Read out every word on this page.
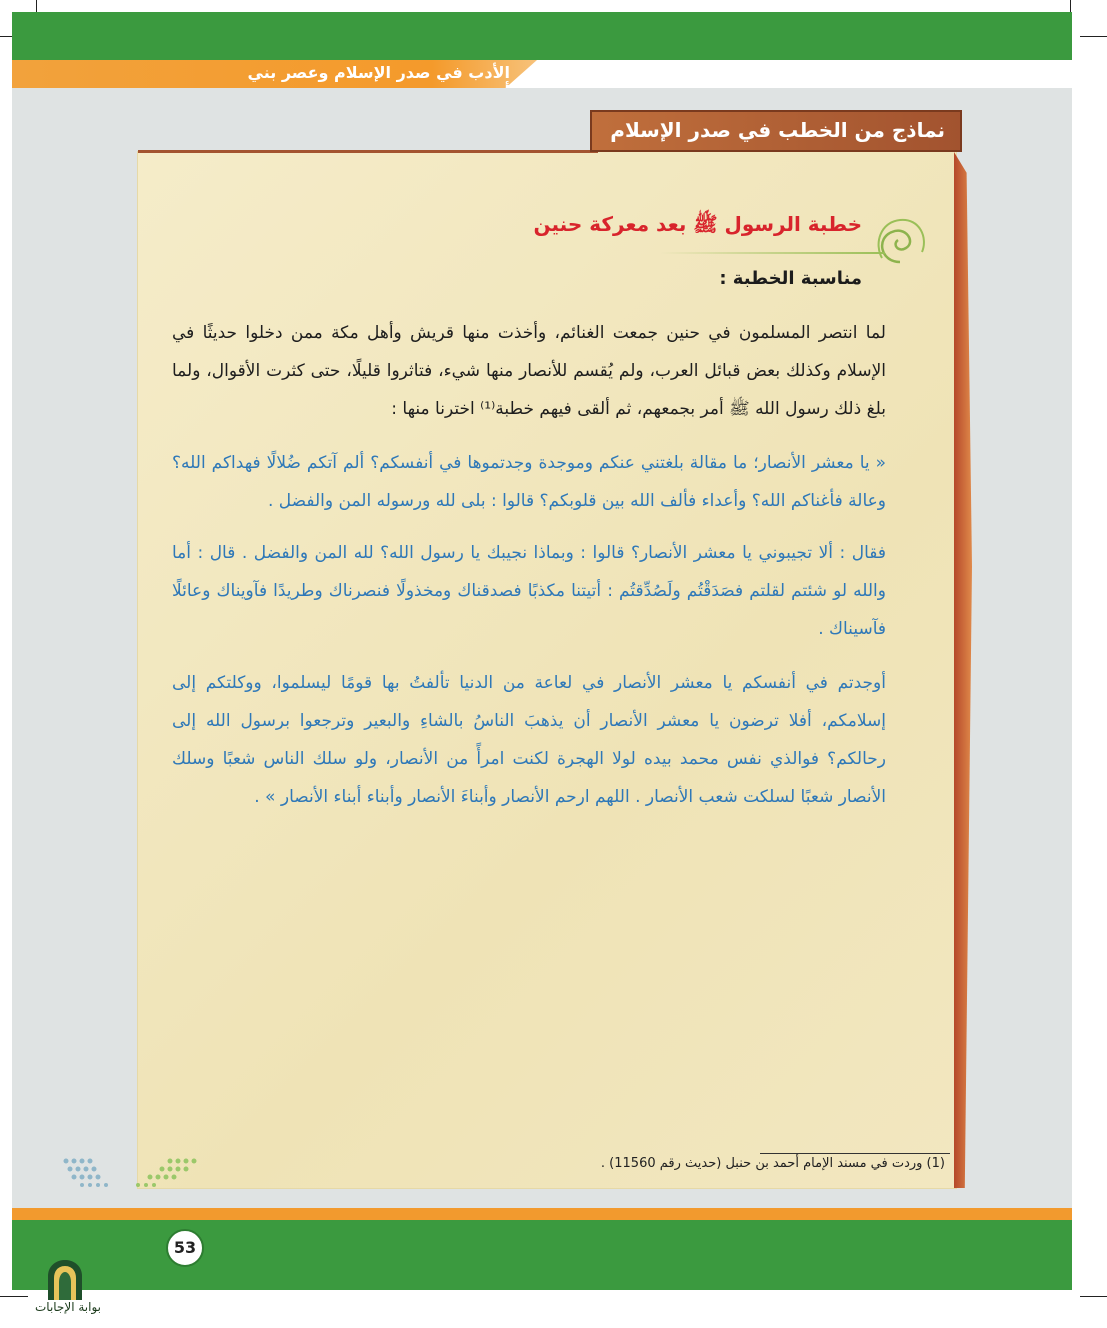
الأدب في صدر الإسلام وعصر بني
نماذج من الخطب في صدر الإسلام
خطبة الرسول ﷺ بعد معركة حنين
مناسبة الخطبة :
لما انتصر المسلمون في حنين جمعت الغنائم، وأخذت منها قريش وأهل مكة ممن دخلوا حديثًا في الإسلام وكذلك بعض قبائل العرب، ولم يُقسم للأنصار منها شيء، فتاثروا قليلًا، حتى كثرت الأقوال، ولما بلغ ذلك رسول الله ﷺ أمر بجمعهم، ثم ألقى فيهم خطبة⁽¹⁾ اخترنا منها :
« يا معشر الأنصار؛ ما مقالة بلغتني عنكم وموجدة وجدتموها في أنفسكم؟ ألم آتكم ضُلالًا فهداكم الله؟ وعالة فأغناكم الله؟ وأعداء فألف الله بين قلوبكم؟ قالوا : بلى لله ورسوله المن والفضل .
فقال : ألا تجيبوني يا معشر الأنصار؟ قالوا : وبماذا نجيبك يا رسول الله؟ لله المن والفضل . قال : أما والله لو شئتم لقلتم فصَدَقْتُم ولَصُدِّقتُم : أتيتنا مكذبًا فصدقناك ومخذولًا فنصرناك وطريدًا فآويناك وعائلًا فآسيناك .
أوجدتم في أنفسكم يا معشر الأنصار في لعاعة من الدنيا تألفتُ بها قومًا ليسلموا، ووكلتكم إلى إسلامكم، أفلا ترضون يا معشر الأنصار أن يذهبَ الناسُ بالشاءِ والبعير وترجعوا برسول الله إلى رحالكم؟ فوالذي نفس محمد بيده لولا الهجرة لكنت امرأً من الأنصار، ولو سلك الناس شعبًا وسلك الأنصار شعبًا لسلكت شعب الأنصار . اللهم ارحم الأنصار وأبناءَ الأنصار وأبناء أبناء الأنصار » .
(1) وردت في مسند الإمام أحمد بن حنبل (حديث رقم 11560) .
53
بوابة الإجابات
